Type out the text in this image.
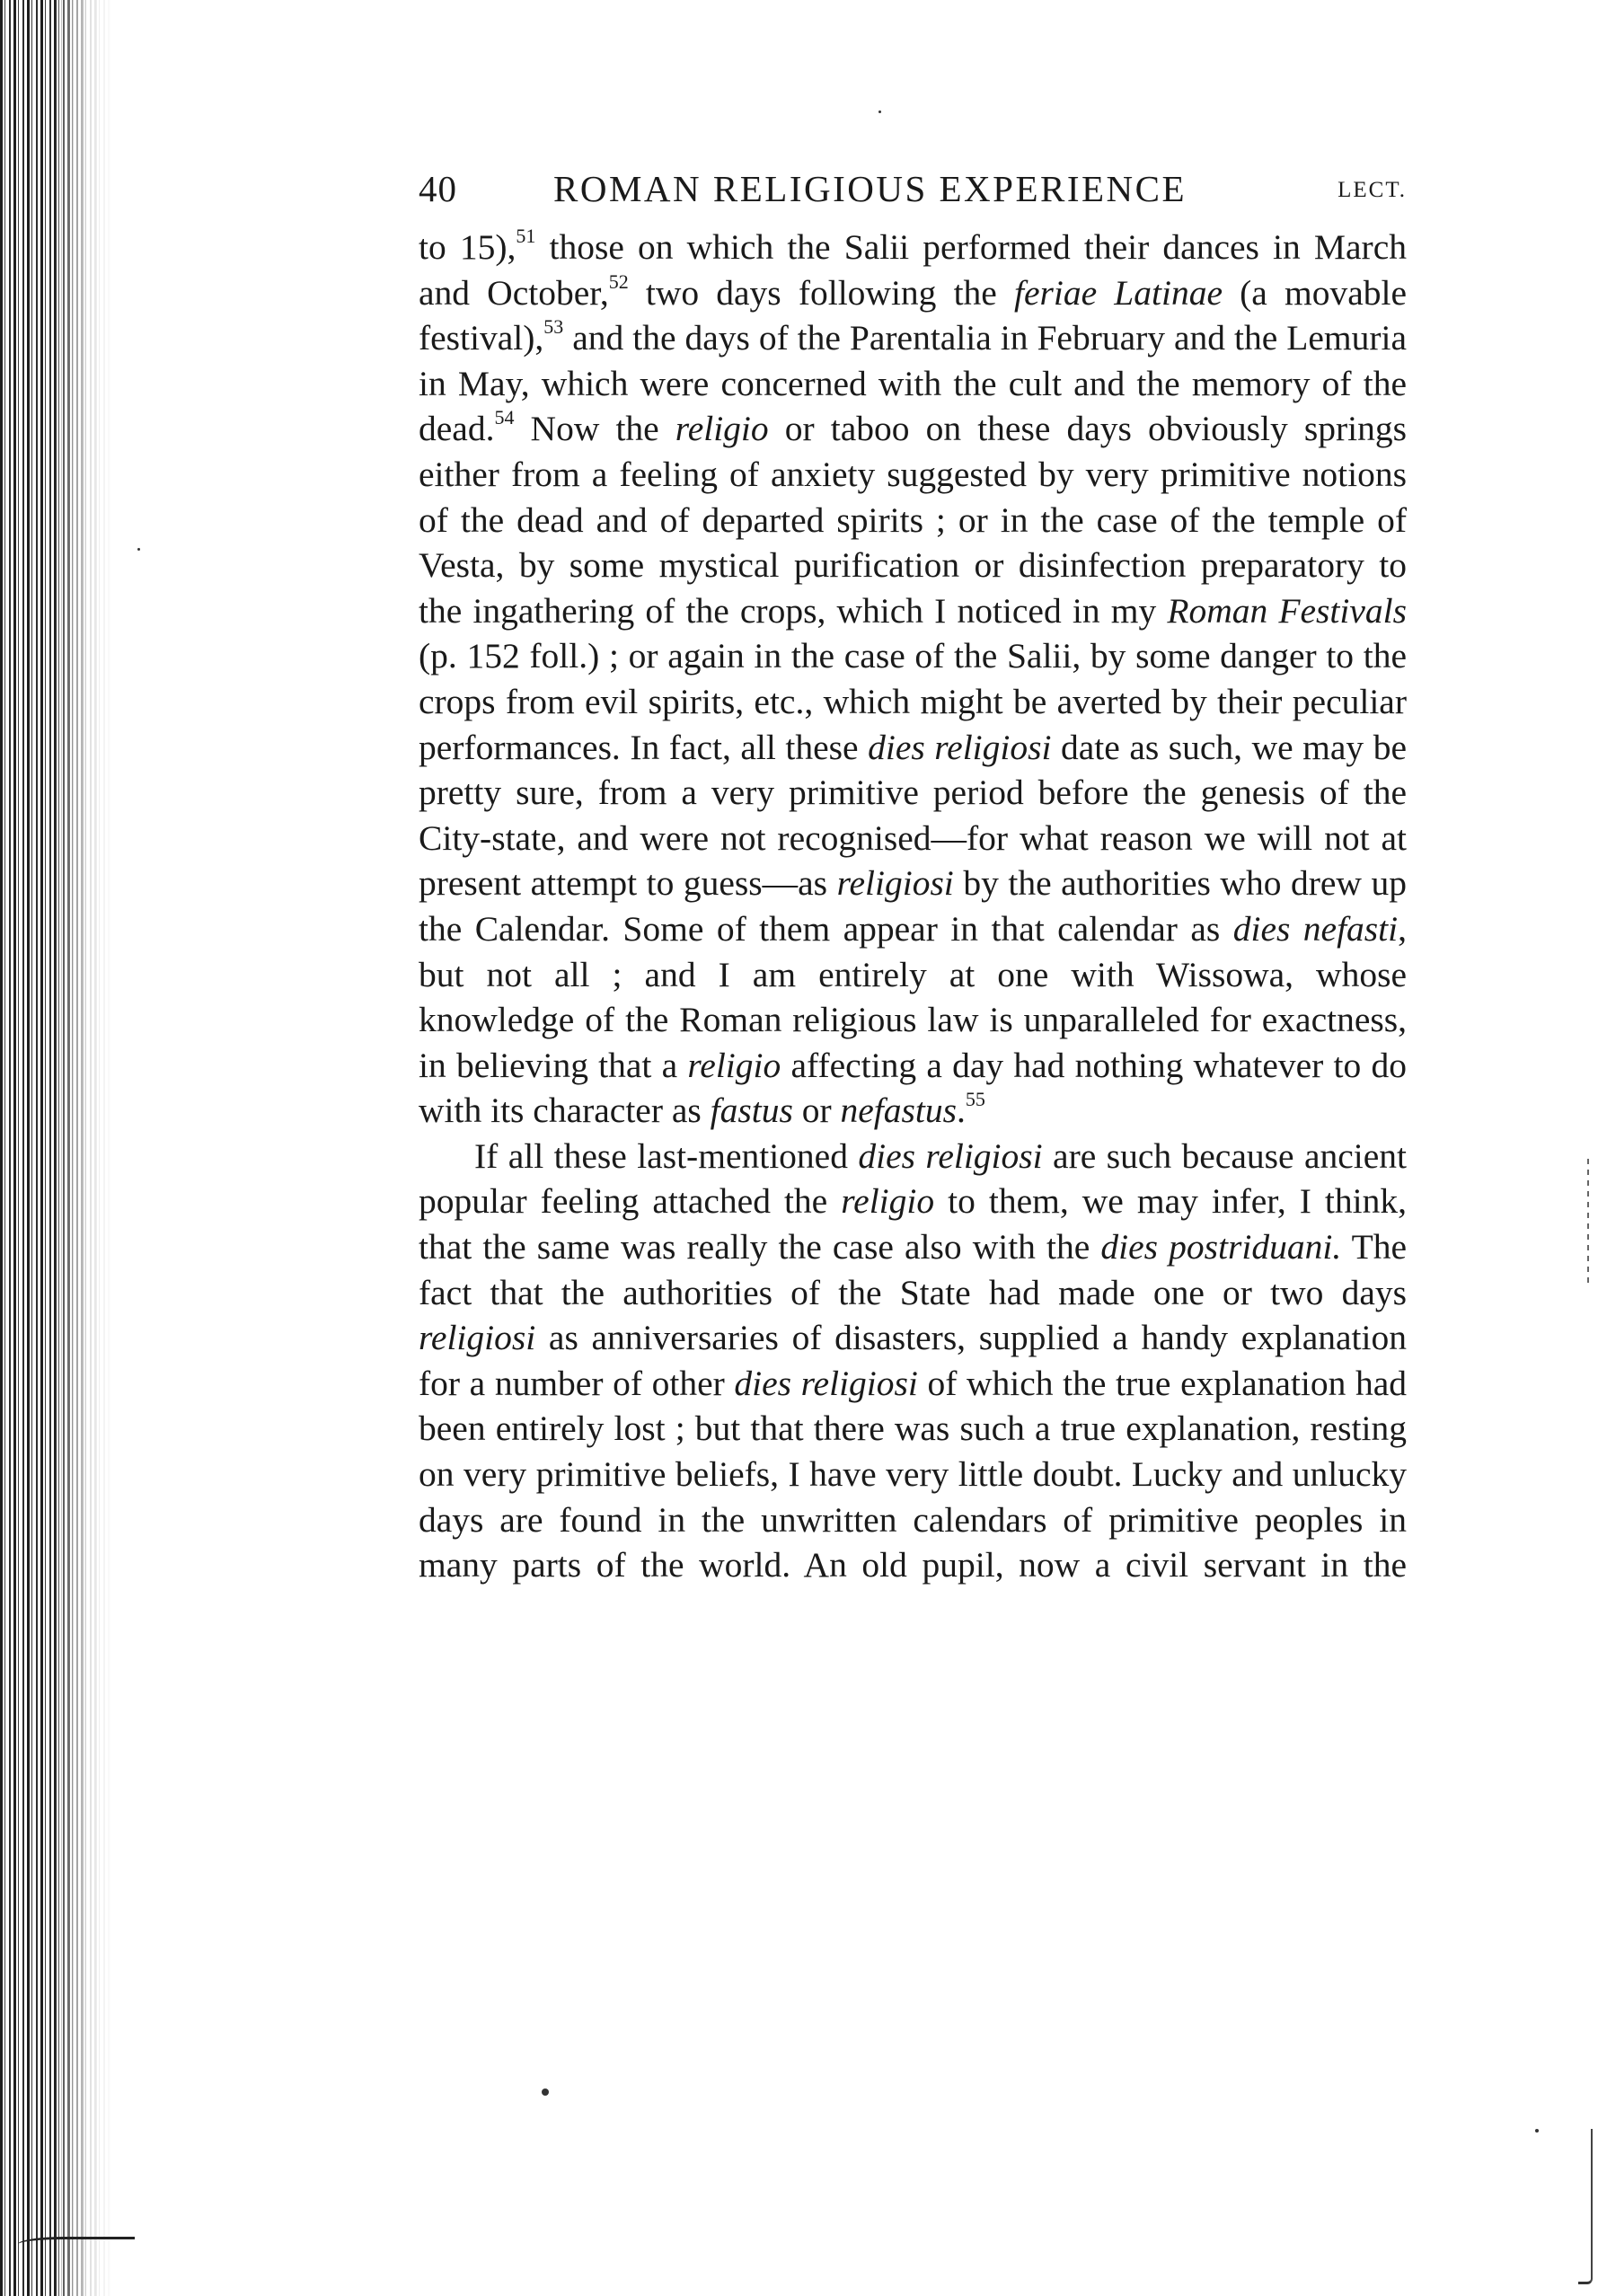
40	ROMAN RELIGIOUS EXPERIENCE	LECT.

to 15),$^{51}$ those on which the Salii performed their dances in March and October,$^{52}$ two days following the feriae Latinae (a movable festival),$^{53}$ and the days of the Parentalia in February and the Lemuria in May, which were concerned with the cult and the memory of the dead.$^{54}$ Now the religio or taboo on these days obviously springs either from a feeling of anxiety suggested by very primitive notions of the dead and of departed spirits ; or in the case of the temple of Vesta, by some mystical purification or disinfection preparatory to the ingathering of the crops, which I noticed in my Roman Festivals (p. 152 foll.) ; or again in the case of the Salii, by some danger to the crops from evil spirits, etc., which might be averted by their peculiar performances. In fact, all these dies religiosi date as such, we may be pretty sure, from a very primitive period before the genesis of the City-state, and were not recognised—for what reason we will not at present attempt to guess—as religiosi by the authorities who drew up the Calendar. Some of them appear in that calendar as dies nefasti, but not all ; and I am entirely at one with Wissowa, whose knowledge of the Roman religious law is unparalleled for exactness, in believing that a religio affecting a day had nothing whatever to do with its character as fastus or nefastus.$^{55}$

If all these last-mentioned dies religiosi are such because ancient popular feeling attached the religio to them, we may infer, I think, that the same was really the case also with the dies postriduani. The fact that the authorities of the State had made one or two days religiosi as anniversaries of disasters, supplied a handy explanation for a number of other dies religiosi of which the true explanation had been entirely lost ; but that there was such a true explanation, resting on very primitive beliefs, I have very little doubt. Lucky and unlucky days are found in the unwritten calendars of primitive peoples in many parts of the world. An old pupil, now a civil servant in the
